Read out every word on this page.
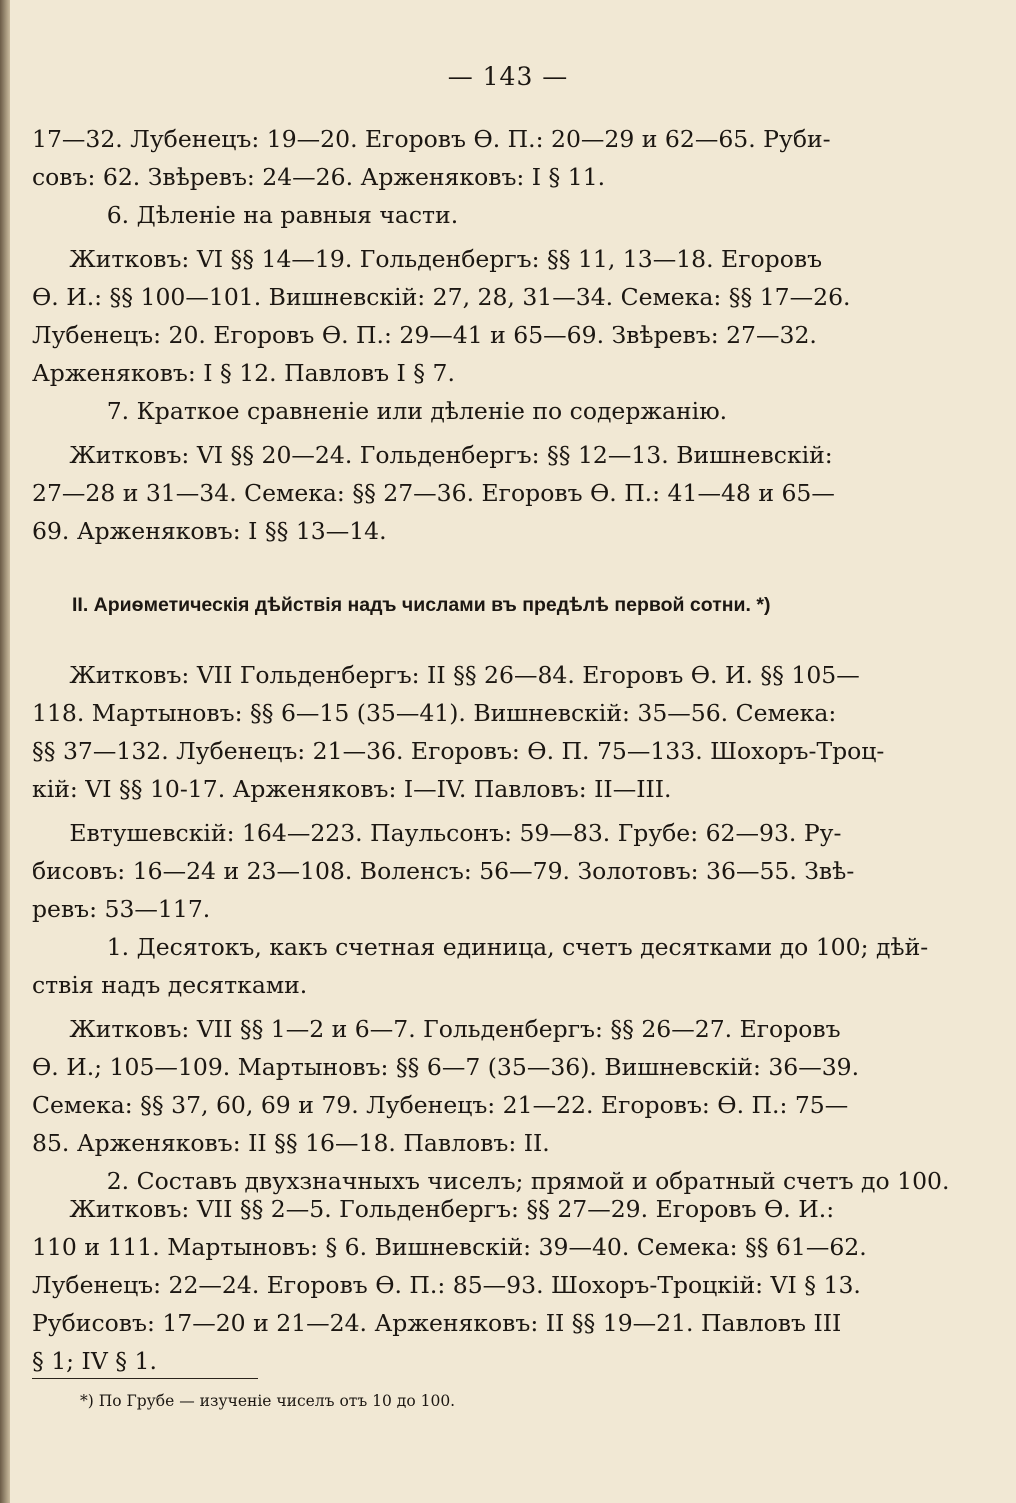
— 143 —
17—32. Лубенецъ: 19—20. Егоровъ Ѳ. П.: 20—29 и 62—65. Руби-
совъ: 62. Звѣревъ: 24—26. Арженяковъ: I § 11.
6. Дѣленіе на равныя части.
Житковъ: VI §§ 14—19. Гольденбергъ: §§ 11, 13—18. Егоровъ
Ѳ. И.: §§ 100—101. Вишневскій: 27, 28, 31—34. Семека: §§ 17—26.
Лубенецъ: 20. Егоровъ Ѳ. П.: 29—41 и 65—69. Звѣревъ: 27—32.
Арженяковъ: I § 12. Павловъ I § 7.
7. Краткое сравненіе или дѣленіе по содержанію.
Житковъ: VI §§ 20—24. Гольденбергъ: §§ 12—13. Вишневскій:
27—28 и 31—34. Семека: §§ 27—36. Егоровъ Ѳ. П.: 41—48 и 65—
69. Арженяковъ: I §§ 13—14.
Житковъ: VII Гольденбергъ: II §§ 26—84. Егоровъ Ѳ. И. §§ 105—
118. Мартыновъ: §§ 6—15 (35—41). Вишневскій: 35—56. Семека:
§§ 37—132. Лубенецъ: 21—36. Егоровъ: Ѳ. П. 75—133. Шохоръ-Троц-
кій: VI §§ 10-17. Арженяковъ: I—IV. Павловъ: II—III.
Евтушевскій: 164—223. Паульсонъ: 59—83. Грубе: 62—93. Ру-
бисовъ: 16—24 и 23—108. Воленсъ: 56—79. Золотовъ: 36—55. Звѣ-
ревъ: 53—117.
1. Десятокъ, какъ счетная единица, счетъ десятками до 100; дѣй-
ствія надъ десятками.
Житковъ: VII §§ 1—2 и 6—7. Гольденбергъ: §§ 26—27. Егоровъ
Ѳ. И.; 105—109. Мартыновъ: §§ 6—7 (35—36). Вишневскій: 36—39.
Семека: §§ 37, 60, 69 и 79. Лубенецъ: 21—22. Егоровъ: Ѳ. П.: 75—
85. Арженяковъ: II §§ 16—18. Павловъ: II.
2. Составъ двухзначныхъ чиселъ; прямой и обратный счетъ до 100.
Житковъ: VII §§ 2—5. Гольденбергъ: §§ 27—29. Егоровъ Ѳ. И.:
110 и 111. Мартыновъ: § 6. Вишневскій: 39—40. Семека: §§ 61—62.
Лубенецъ: 22—24. Егоровъ Ѳ. П.: 85—93. Шохоръ-Троцкій: VI § 13.
Рубисовъ: 17—20 и 21—24. Арженяковъ: II §§ 19—21. Павловъ III
§ 1; IV § 1.
II. Ариѳметическія дѣйствія надъ числами въ предѣлѣ первой сотни. *)
*) По Грубе — изученіе чиселъ отъ 10 до 100.
